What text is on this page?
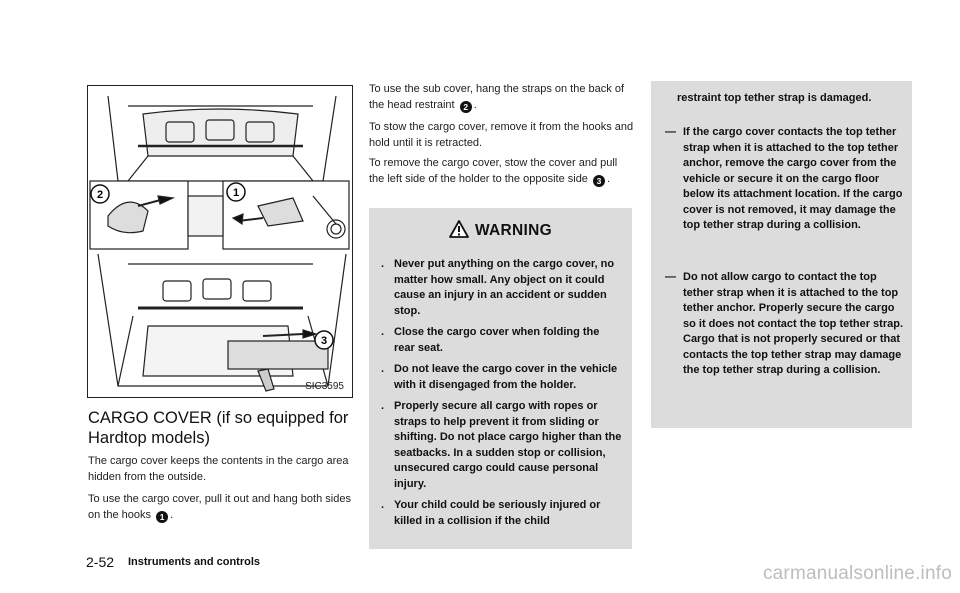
2	1
3
SIC3595
CARGO COVER (if so equipped for Hardtop models)
The cargo cover keeps the contents in the cargo area hidden from the outside.
To use the cargo cover, pull it out and hang both sides on the hooks 1 .
To use the sub cover, hang the straps on the back of the head restraint 2 .
To stow the cargo cover, remove it from the hooks and hold until it is retracted.
To remove the cargo cover, stow the cover and pull the left side of the holder to the opposite side 3 .
WARNING
. Never put anything on the cargo cover, no matter how small. Any object on it could cause an injury in an accident or sudden stop.
. Close the cargo cover when folding the rear seat.
. Do not leave the cargo cover in the vehicle with it disengaged from the holder.
. Properly secure all cargo with ropes or straps to help prevent it from sliding or shifting. Do not place cargo higher than the seatbacks. In a sudden stop or collision, unsecured cargo could cause personal injury.
. Your child could be seriously injured or killed in a collision if the child
restraint top tether strap is damaged.
— If the cargo cover contacts the top tether strap when it is attached to the top tether anchor, remove the cargo cover from the vehicle or secure it on the cargo floor below its attachment location. If the cargo cover is not removed, it may damage the top tether strap during a collision.
— Do not allow cargo to contact the top tether strap when it is attached to the top tether anchor. Properly secure the cargo so it does not contact the top tether strap. Cargo that is not properly secured or that contacts the top tether strap may damage the top tether strap during a collision.
2-52 Instruments and controls
carmanualsonline.info
